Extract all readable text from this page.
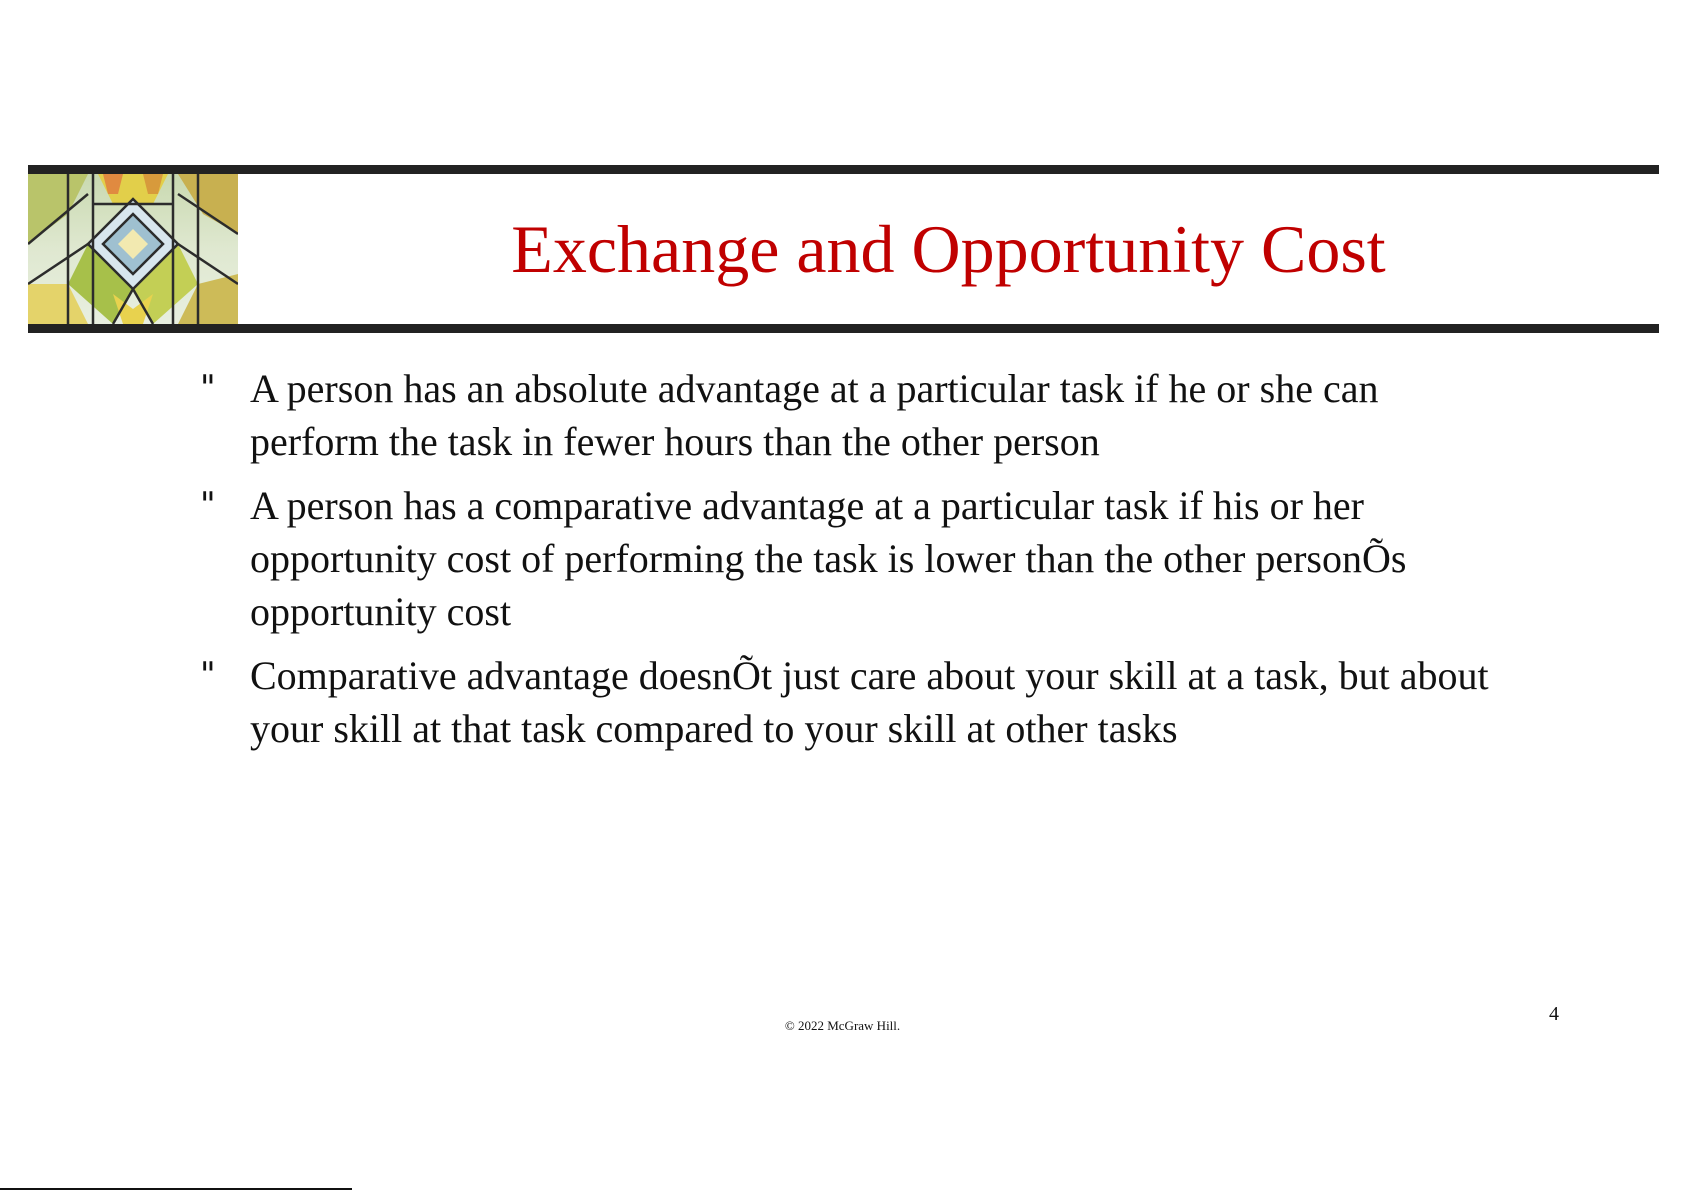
Exchange and Opportunity Cost
" A person has an absolute advantage at a particular task if he or she can perform the task in fewer hours than the other person
" A person has a comparative advantage at a particular task if his or her opportunity cost of performing the task is lower than the other personÕs opportunity cost
" Comparative advantage doesnÕt just care about your skill at a task, but about your skill at that task compared to your skill at other tasks
© 2022 McGraw Hill.
4
